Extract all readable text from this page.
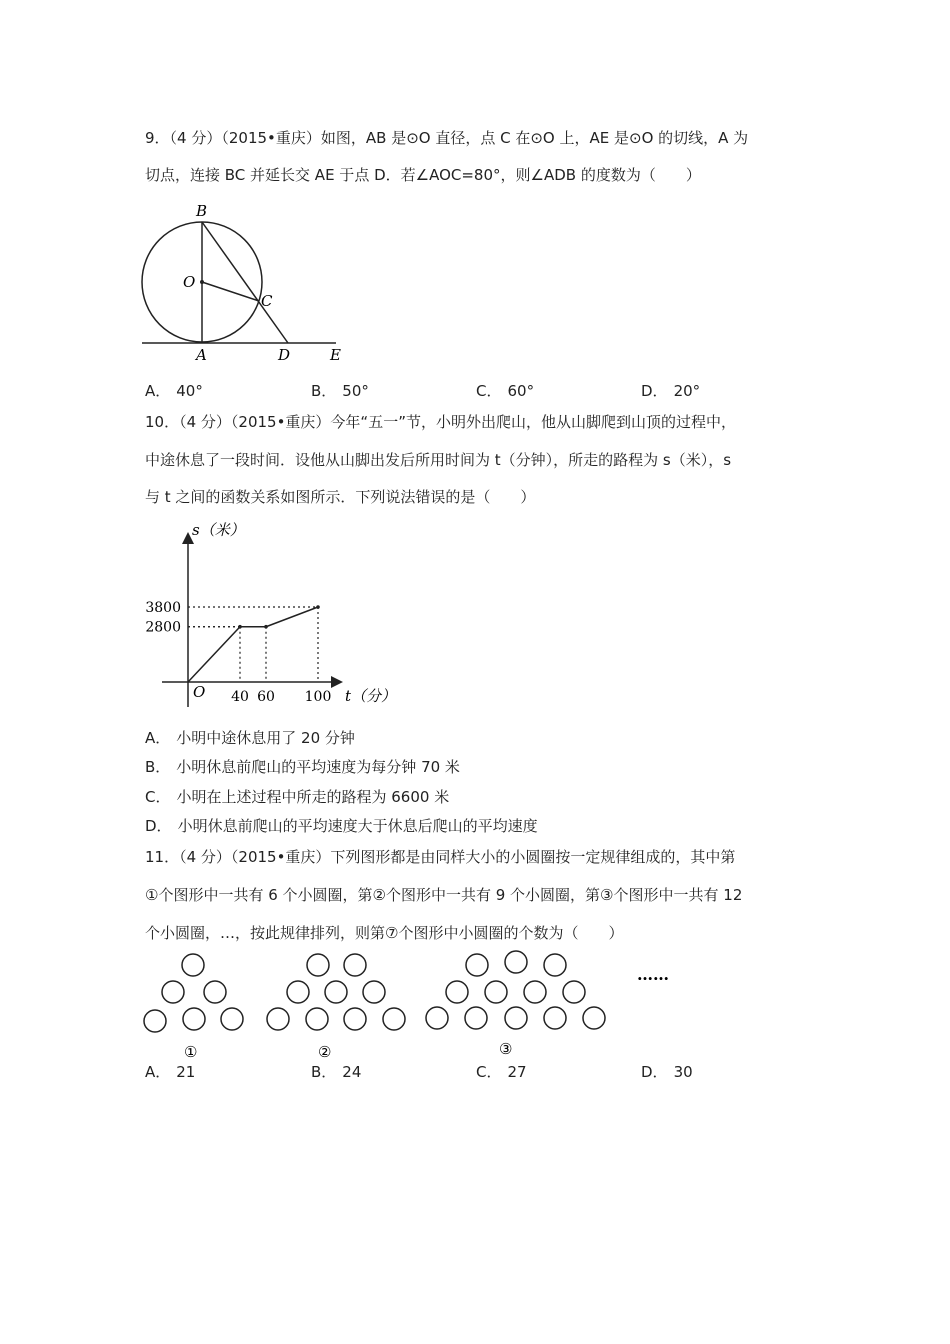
9．（4 分）（2015•重庆）如图，AB 是⊙O 直径，点 C 在⊙O 上，AE 是⊙O 的切线，A 为
切点，连接 BC 并延长交 AE 于点 D．若∠AOC=80°，则∠ADB 的度数为（　　）
B
O
C
A	D	E
A． 40°	B． 50°	C． 60°	D． 20°
10．（4 分）（2015•重庆）今年“五一”节，小明外出爬山，他从山脚爬到山顶的过程中，
中途休息了一段时间．设他从山脚出发后所用时间为 t（分钟），所走的路程为 s（米），s
与 t 之间的函数关系如图所示．下列说法错误的是（　　）
s（米）
t（分）
O 40 60 100
2800
3800
A． 小明中途休息用了 20 分钟
B． 小明休息前爬山的平均速度为每分钟 70 米
C． 小明在上述过程中所走的路程为 6600 米
D． 小明休息前爬山的平均速度大于休息后爬山的平均速度
11．（4 分）（2015•重庆）下列图形都是由同样大小的小圆圈按一定规律组成的，其中第
①个图形中一共有 6 个小圆圈，第②个图形中一共有 9 个小圆圈，第③个图形中一共有 12
个小圆圈，…，按此规律排列，则第⑦个图形中小圆圈的个数为（　　）
……
①	②	③
A． 21	B． 24	C． 27	D． 30
